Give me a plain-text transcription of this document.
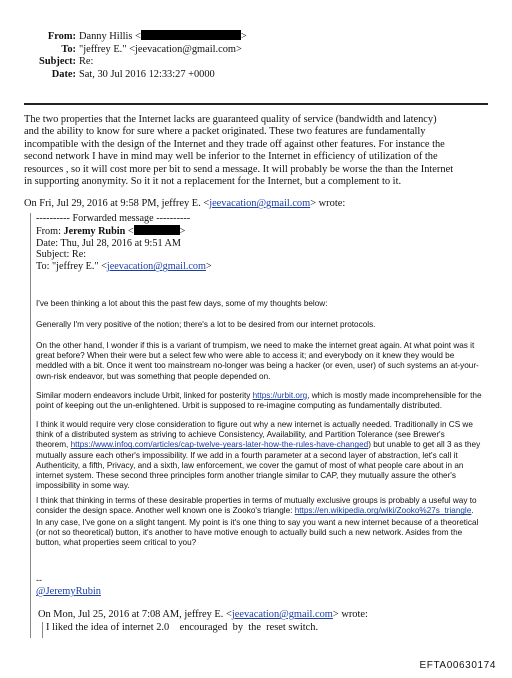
From: Danny Hillis <	>
To: "jeffrey E." <jeevacation@gmail.com>
Subject: Re:
Date: Sat, 30 Jul 2016 12:33:27 +0000
The two properties that the Internet lacks are guaranteed quality of service (bandwidth and latency)
and the ability to know for sure where a packet originated. These two features are fundamentally
incompatible with the design of the Internet and they trade off against other features. For instance the
second network I have in mind may well be inferior to the Internet in efficiency of utilization of the
resources , so it will cost more per bit to send a message. It will probably be worse the than the Internet
in supporting anonymity. So it it not a replacement for the Internet, but a complement to it.
On Fri, Jul 29, 2016 at 9:58 PM, jeffrey E. <jeevacation@gmail.com> wrote:
---------- Forwarded message ----------
From: Jeremy Rubin <	>
Date: Thu, Jul 28, 2016 at 9:51 AM
Subject: Re:
To: "jeffrey E." <jeevacation@gmail.com>
I've been thinking a lot about this the past few days, some of my thoughts below:
Generally I'm very positive of the notion; there's a lot to be desired from our internet protocols.
On the other hand, I wonder if this is a variant of trumpism, we need to make the internet great again. At what point was it
great before? When their were but a select few who were able to access it; and everybody on it knew they would be
meddled with a bit. Once it went too mainstream no-longer was being a hacker (or even, user) of such systems an at-your-
own-risk endeavor, but was something that people depended on.
Similar modern endeavors include Urbit, linked for posterity https://urbit.org, which is mostly made incomprehensible for the
point of keeping out the un-enlightened. Urbit is supposed to re-imagine computing as fundamentally distributed.
I think it would require very close consideration to figure out why a new internet is actually needed. Traditionally in CS we
think of a distributed system as striving to achieve Consistency, Availability, and Partition Tolerance (see Brewer's
theorem, https://www.infoq.com/articles/cap-twelve-years-later-how-the-rules-have-changed) but unable to get all 3 as they
mutually assure each other's impossibility. If we add in a fourth parameter at a second layer of abstraction, let's call it
Authenticity, a fifth, Privacy, and a sixth, law enforcement, we cover the gamut of most of what people care about in an
internet system. These second three principles form another triangle similar to CAP, they mutually assure the other's
impossibility in some way.
I think that thinking in terms of these desirable properties in terms of mutually exclusive groups is probably a useful way to
consider the design space. Another well known one is Zooko's triangle: https://en.wikipedia.org/wiki/Zooko%27s_triangle.
In any case, I've gone on a slight tangent. My point is it's one thing to say you want a new internet because of a theoretical
(or not so theoretical) button, it's another to have motive enough to actually build such a new network. Asides from the
button, what properties seem critical to you?
--
@JeremyRubin
On Mon, Jul 25, 2016 at 7:08 AM, jeffrey E. <jeevacation@gmail.com> wrote:
I liked the idea of internet 2.0    encouraged  by  the  reset switch.
EFTA00630174
